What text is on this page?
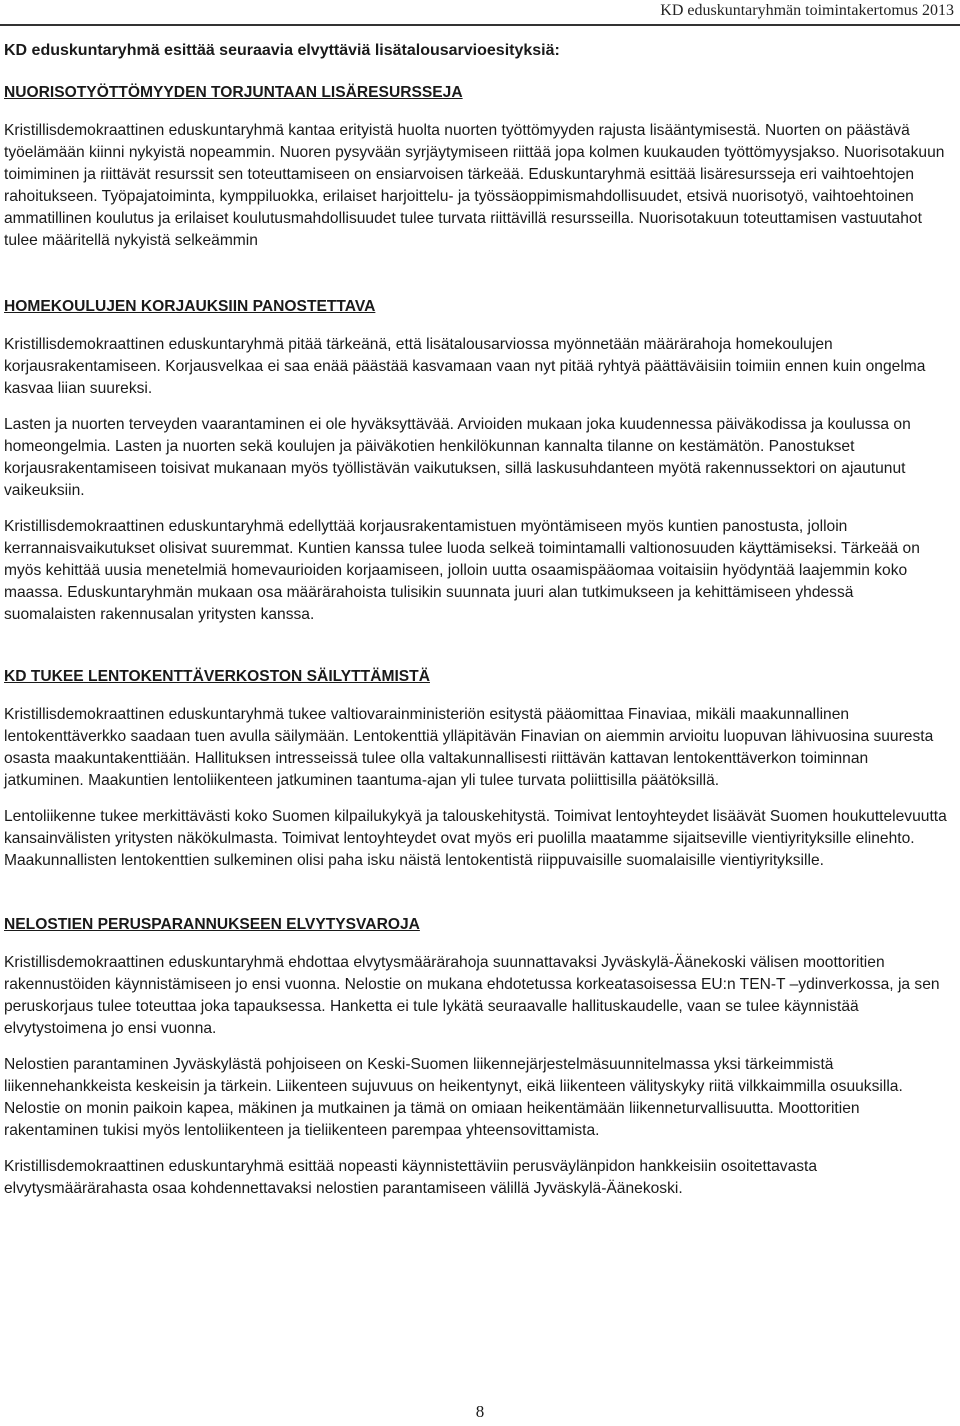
KD eduskuntaryhmän toimintakertomus 2013

KD eduskuntaryhmä esittää seuraavia elvyttäviä lisätalousarvioesityksiä:

NUORISOTYÖTTÖMYYDEN TORJUNTAAN LISÄRESURSSEJA

Kristillisdemokraattinen eduskuntaryhmä kantaa erityistä huolta nuorten työttömyyden rajusta lisääntymisestä. Nuorten on päästävä työelämään kiinni nykyistä nopeammin. Nuoren pysyvään syrjäytymiseen riittää jopa kolmen kuukauden työttömyysjakso. Nuorisotakuun toimiminen ja riittävät resurssit sen toteuttamiseen on ensiarvoisen tärkeää. Eduskuntaryhmä esittää lisäresursseja eri vaihtoehtojen rahoitukseen. Työpajatoiminta, kymppiluokka, erilaiset harjoittelu- ja työssäoppimismahdollisuudet, etsivä nuorisotyö, vaihtoehtoinen ammatillinen koulutus ja erilaiset koulutusmahdollisuudet tulee turvata riittävillä resursseilla. Nuorisotakuun toteuttamisen vastuutahot tulee määritellä nykyistä selkeämmin

HOMEKOULUJEN KORJAUKSIIN PANOSTETTAVA

Kristillisdemokraattinen eduskuntaryhmä pitää tärkeänä, että lisätalousarviossa myönnetään määrärahoja homekoulujen korjausrakentamiseen. Korjausvelkaa ei saa enää päästää kasvamaan vaan nyt pitää ryhtyä päättäväisiin toimiin ennen kuin ongelma kasvaa liian suureksi.

Lasten ja nuorten terveyden vaarantaminen ei ole hyväksyttävää. Arvioiden mukaan joka kuudennessa päiväkodissa ja koulussa on homeongelmia. Lasten ja nuorten sekä koulujen ja päiväkotien henkilökunnan kannalta tilanne on kestämätön. Panostukset korjausrakentamiseen toisivat mukanaan myös työllistävän vaikutuksen, sillä laskusuhdanteen myötä rakennussektori on ajautunut vaikeuksiin.

Kristillisdemokraattinen eduskuntaryhmä edellyttää korjausrakentamistuen myöntämiseen myös kuntien panostusta, jolloin kerrannaisvaikutukset olisivat suuremmat. Kuntien kanssa tulee luoda selkeä toimintamalli valtionosuuden käyttämiseksi. Tärkeää on myös kehittää uusia menetelmiä homevaurioiden korjaamiseen, jolloin uutta osaamispääomaa voitaisiin hyödyntää laajemmin koko maassa. Eduskuntaryhmän mukaan osa määrärahoista tulisikin suunnata juuri alan tutkimukseen ja kehittämiseen yhdessä suomalaisten rakennusalan yritysten kanssa.

KD TUKEE LENTOKENTTÄVERKOSTON SÄILYTTÄMISTÄ

Kristillisdemokraattinen eduskuntaryhmä tukee valtiovarainministeriön esitystä pääomittaa Finaviaa, mikäli maakunnallinen lentokenttäverkko saadaan tuen avulla säilymään. Lentokenttiä ylläpitävän Finavian on aiemmin arvioitu luopuvan lähivuosina suuresta osasta maakuntakenttiään. Hallituksen intresseissä tulee olla valtakunnallisesti riittävän kattavan lentokenttäverkon toiminnan jatkuminen. Maakuntien lentoliikenteen jatkuminen taantuma-ajan yli tulee turvata poliittisilla päätöksillä.

Lentoliikenne tukee merkittävästi koko Suomen kilpailukykyä ja talouskehitystä. Toimivat lentoyhteydet lisäävät Suomen houkuttelevuutta kansainvälisten yritysten näkökulmasta. Toimivat lentoyhteydet ovat myös eri puolilla maatamme sijaitseville vientiyrityksille elinehto. Maakunnallisten lentokenttien sulkeminen olisi paha isku näistä lentokentistä riippuvaisille suomalaisille vientiyrityksille.

NELOSTIEN PERUSPARANNUKSEEN ELVYTYSVAROJA

Kristillisdemokraattinen eduskuntaryhmä ehdottaa elvytysmäärärahoja suunnattavaksi Jyväskylä-Äänekoski välisen moottoritien rakennustöiden käynnistämiseen jo ensi vuonna. Nelostie on mukana ehdotetussa korkeatasoisessa EU:n TEN-T –ydinverkossa, ja sen peruskorjaus tulee toteuttaa joka tapauksessa. Hanketta ei tule lykätä seuraavalle hallituskaudelle, vaan se tulee käynnistää elvytystoimena jo ensi vuonna.

Nelostien parantaminen Jyväskylästä pohjoiseen on Keski-Suomen liikennejärjestelmäsuunnitelmassa yksi tärkeimmistä liikennehankkeista keskeisin ja tärkein. Liikenteen sujuvuus on heikentynyt, eikä liikenteen välityskyky riitä vilkkaimmilla osuuksilla. Nelostie on monin paikoin kapea, mäkinen ja mutkainen ja tämä on omiaan heikentämään liikenneturvallisuutta. Moottoritien rakentaminen tukisi myös lentoliikenteen ja tieliikenteen parempaa yhteensovittamista.

Kristillisdemokraattinen eduskuntaryhmä esittää nopeasti käynnistettäviin perusväylänpidon hankkeisiin osoitettavasta elvytysmäärärahasta osaa kohdennettavaksi nelostien parantamiseen välillä Jyväskylä-Äänekoski.

8
